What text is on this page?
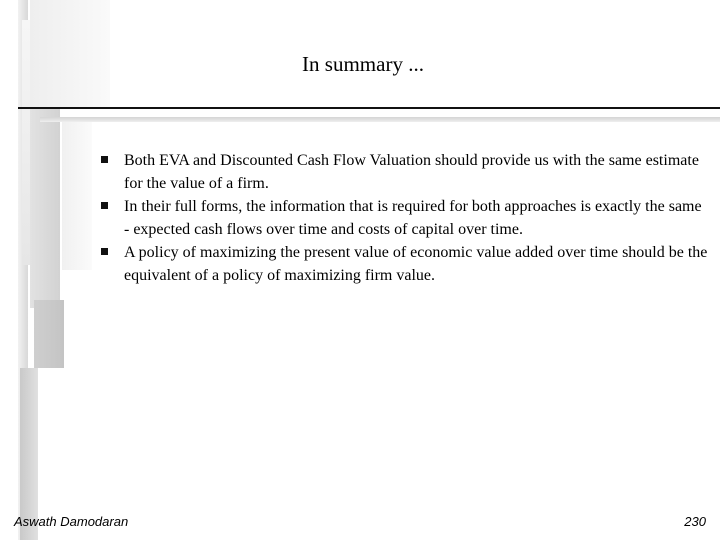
In summary ...
Both EVA and Discounted Cash Flow Valuation should provide us with the same estimate for the value of a firm.
In their full forms, the information that is required for both approaches is exactly the same - expected cash flows over time and costs of capital over time.
A policy of maximizing the present value of economic value added over time should be the equivalent of a policy of maximizing firm value.
Aswath Damodaran	230
